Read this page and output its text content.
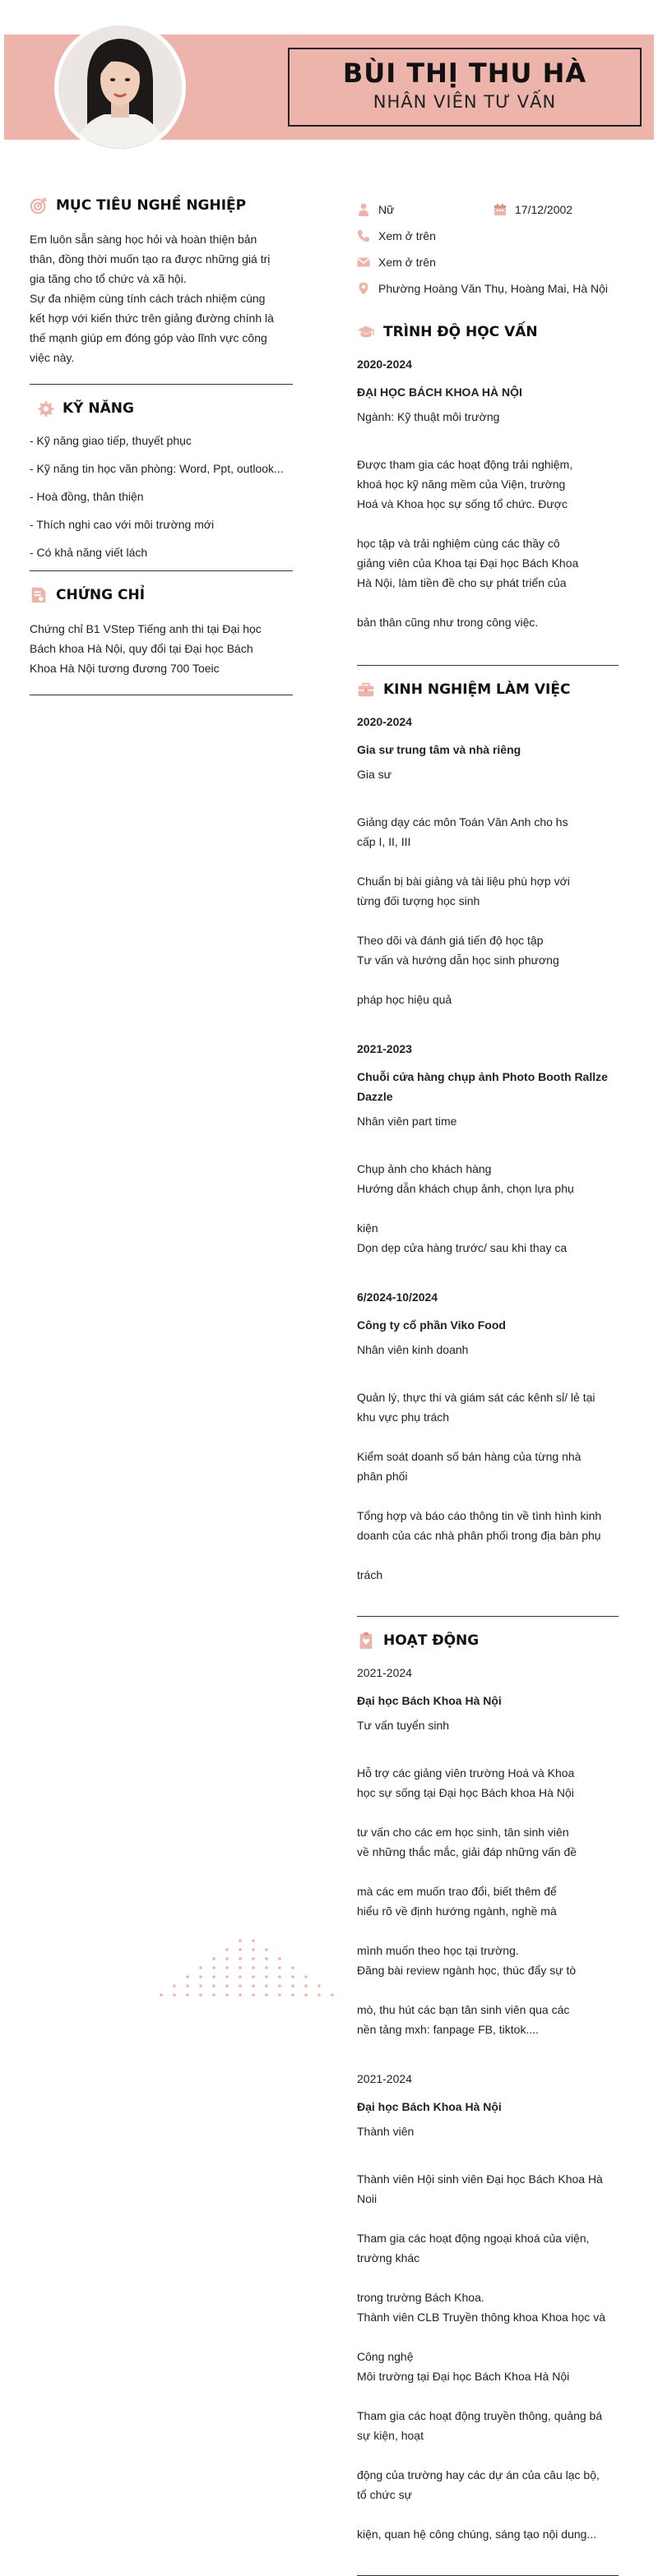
BÙI THỊ THU HÀ
NHÂN VIÊN TƯ VẤN
MỤC TIÊU NGHỀ NGHIỆP
Em luôn sẵn sàng học hỏi và hoàn thiện bản
thân, đồng thời muốn tạo ra được những giá trị
gia tăng cho tổ chức và xã hội.
Sự đa nhiệm cùng tính cách trách nhiệm cùng
kết hợp với kiến thức trên giảng đường chính là
thế mạnh giúp em đóng góp vào lĩnh vực công
việc này.
KỸ NĂNG
- Kỹ năng giao tiếp, thuyết phục
- Kỹ năng tin học văn phòng: Word, Ppt, outlook...
- Hoà đồng, thân thiện
- Thích nghi cao với môi trường mới
- Có khả năng viết lách
CHỨNG CHỈ
Chứng chỉ B1 VStep Tiếng anh thi tại Đại học
Bách khoa Hà Nội, quy đổi tại Đại học Bách
Khoa Hà Nội tương đương 700 Toeic
Nữ	17/12/2002
Xem ở trên
Xem ở trên
Phường Hoàng Văn Thụ, Hoàng Mai, Hà Nội
TRÌNH ĐỘ HỌC VẤN
2020-2024
ĐẠI HỌC BÁCH KHOA HÀ NỘI
Ngành: Kỹ thuật môi trường

Được tham gia các hoạt động trải nghiệm,
khoá học kỹ năng mềm của Viện, trường
Hoá và Khoa học sự sống tổ chức. Được

học tập và trải nghiệm cùng các thầy cô
giảng viên của Khoa tại Đại học Bách Khoa
Hà Nội, làm tiền đề cho sự phát triển của

bản thân cũng như trong công việc.

KINH NGHIỆM LÀM VIỆC
2020-2024
Gia sư trung tâm và nhà riêng
Gia sư

Giảng dạy các môn Toán Văn Anh cho hs
cấp I, II, III

Chuẩn bị bài giảng và tài liệu phù hợp với
từng đối tượng học sinh

Theo dõi và đánh giá tiến độ học tập
Tư vấn và hướng dẫn học sinh phương

pháp học hiệu quả

2021-2023
Chuỗi cửa hàng chụp ảnh Photo Booth Rallze Dazzle
Nhân viên part time

Chụp ảnh cho khách hàng
Hướng dẫn khách chụp ảnh, chọn lựa phụ

kiện
Dọn dẹp cửa hàng trước/ sau khi thay ca

6/2024-10/2024
Công ty cổ phần Viko Food
Nhân viên kinh doanh

Quản lý, thực thi và giám sát các kênh sỉ/ lẻ tại
khu vực phụ trách

Kiểm soát doanh số bán hàng của từng nhà
phân phối

Tổng hợp và báo cáo thông tin về tình hình kinh
doanh của các nhà phân phối trong địa bàn phụ

trách

HOẠT ĐỘNG
2021-2024
Đại học Bách Khoa Hà Nội
Tư vấn tuyển sinh

Hỗ trợ các giảng viên trường Hoá và Khoa
học sự sống tại Đại học Bách khoa Hà Nội

tư vấn cho các em học sinh, tân sinh viên
về những thắc mắc, giải đáp những vấn đề

mà các em muốn trao đổi, biết thêm để
hiểu rõ về định hướng ngành, nghề mà

mình muốn theo học tại trường.
Đăng bài review ngành học, thúc đẩy sự tò

mò, thu hút các bạn tân sinh viên qua các
nền tảng mxh: fanpage FB, tiktok....

2021-2024
Đại học Bách Khoa Hà Nội
Thành viên

Thành viên Hội sinh viên Đại học Bách Khoa Hà
Noii

Tham gia các hoạt động ngoại khoá của viện,
trường khác

trong trường Bách Khoa.
Thành viên CLB Truyền thông khoa Khoa học và

Công nghệ
Môi trường tại Đại học Bách Khoa Hà Nội

Tham gia các hoạt động truyền thông, quảng bá
sự kiện, hoạt

động của trường hay các dự án của câu lạc bộ,
tổ chức sự

kiện, quan hệ công chúng, sáng tạo nội dung...
